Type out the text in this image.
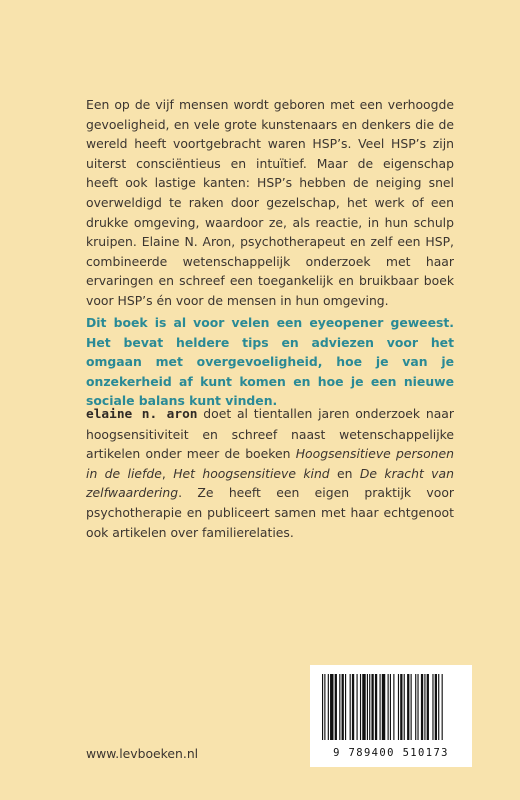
Een op de vijf mensen wordt geboren met een verhoogde gevoeligheid, en vele grote kunstenaars en denkers die de wereld heeft voortgebracht waren HSP’s. Veel HSP’s zijn uiterst consciëntieus en intuïtief. Maar de eigenschap heeft ook lastige kanten: HSP’s hebben de neiging snel overweldigd te raken door gezelschap, het werk of een drukke omgeving, waardoor ze, als reactie, in hun schulp kruipen. Elaine N. Aron, psychotherapeut en zelf een HSP, combineerde wetenschappelijk onderzoek met haar ervaringen en schreef een toegankelijk en bruikbaar boek voor HSP’s én voor de mensen in hun omgeving.

Dit boek is al voor velen een eyeopener geweest. Het bevat heldere tips en adviezen voor het omgaan met overgevoeligheid, hoe je van je onzekerheid af kunt komen en hoe je een nieuwe sociale balans kunt vinden.

elaine n. aron doet al tientallen jaren onderzoek naar hoogsensitiviteit en schreef naast wetenschappelijke artikelen onder meer de boeken Hoogsensitieve personen in de liefde, Het hoogsensitieve kind en De kracht van zelfwaardering. Ze heeft een eigen praktijk voor psychotherapie en publiceert samen met haar echtgenoot ook artikelen over familierelaties.

9 789400 510173
www.levboeken.nl
